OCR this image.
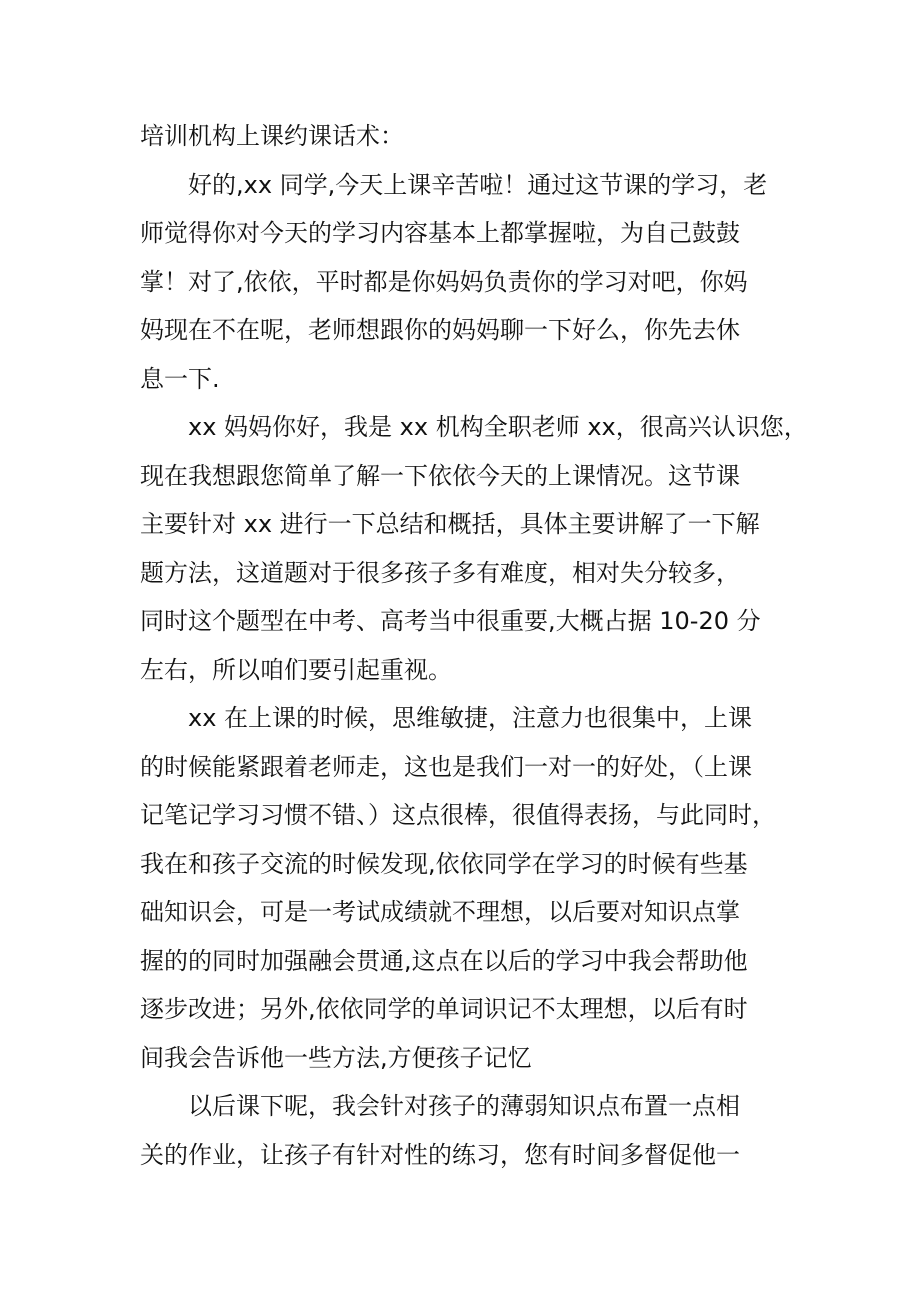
培训机构上课约课话术：
好的,xx 同学,今天上课辛苦啦！通过这节课的学习，老
师觉得你对今天的学习内容基本上都掌握啦，为自己鼓鼓
掌！对了,依依，平时都是你妈妈负责你的学习对吧，你妈
妈现在不在呢，老师想跟你的妈妈聊一下好么，你先去休
息一下.
xx 妈妈你好，我是 xx 机构全职老师 xx，很高兴认识您，
现在我想跟您简单了解一下依依今天的上课情况。这节课
主要针对 xx 进行一下总结和概括，具体主要讲解了一下解
题方法，这道题对于很多孩子多有难度，相对失分较多，
同时这个题型在中考、高考当中很重要,大概占据 10-20 分
左右，所以咱们要引起重视。
xx 在上课的时候，思维敏捷，注意力也很集中，上课
的时候能紧跟着老师走，这也是我们一对一的好处，（上课
记笔记学习习惯不错、）这点很棒，很值得表扬，与此同时，
我在和孩子交流的时候发现,依依同学在学习的时候有些基
础知识会，可是一考试成绩就不理想，以后要对知识点掌
握的的同时加强融会贯通,这点在以后的学习中我会帮助他
逐步改进；另外,依依同学的单词识记不太理想，以后有时
间我会告诉他一些方法,方便孩子记忆
以后课下呢，我会针对孩子的薄弱知识点布置一点相
关的作业，让孩子有针对性的练习，您有时间多督促他一
